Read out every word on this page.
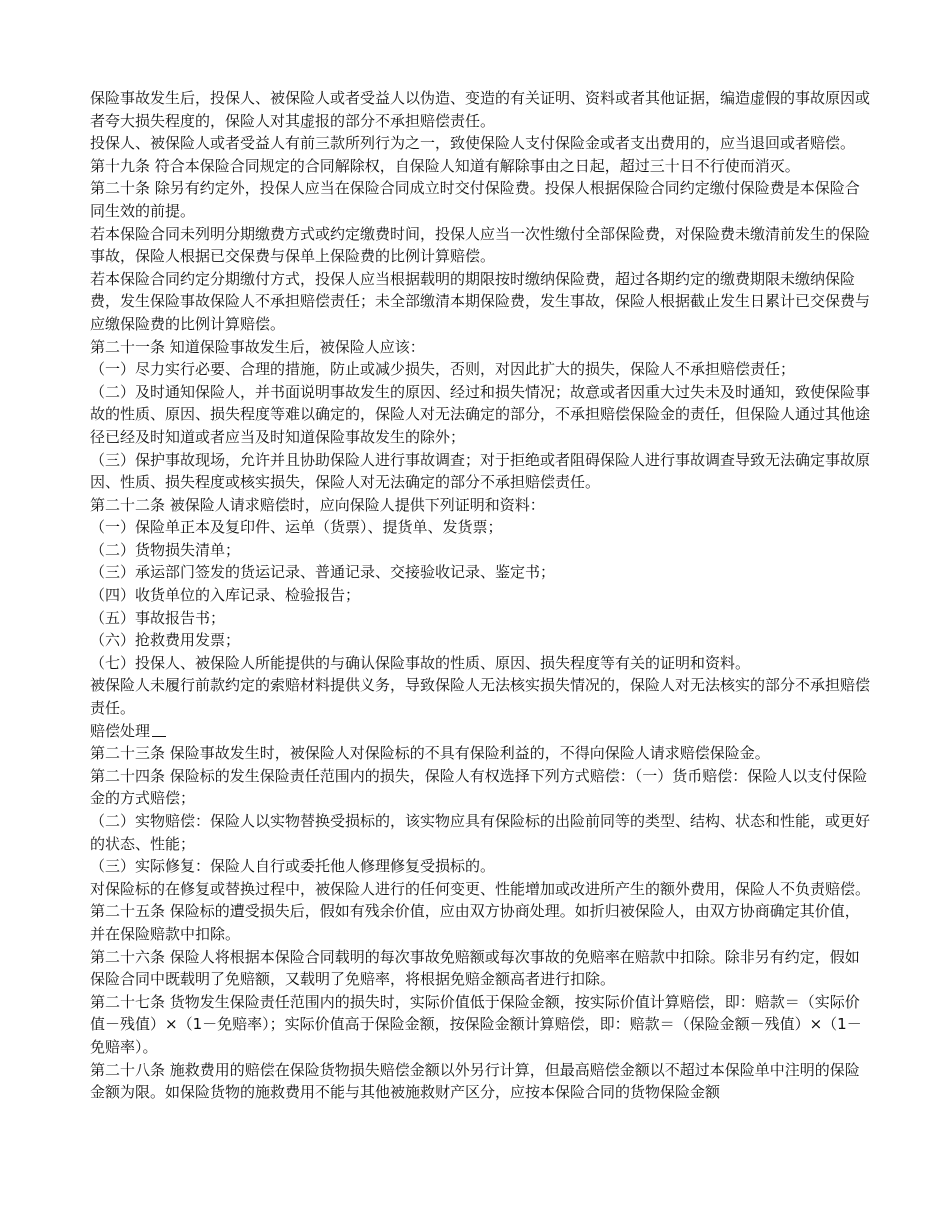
保险事故发生后，投保人、被保险人或者受益人以伪造、变造的有关证明、资料或者其他证据，编造虚假的事故原因或者夸大损失程度的，保险人对其虚报的部分不承担赔偿责任。

投保人、被保险人或者受益人有前三款所列行为之一，致使保险人支付保险金或者支出费用的，应当退回或者赔偿。

第十九条 符合本保险合同规定的合同解除权，自保险人知道有解除事由之日起，超过三十日不行使而消灭。

第二十条 除另有约定外，投保人应当在保险合同成立时交付保险费。投保人根据保险合同约定缴付保险费是本保险合同生效的前提。

若本保险合同未列明分期缴费方式或约定缴费时间，投保人应当一次性缴付全部保险费，对保险费未缴清前发生的保险事故，保险人根据已交保费与保单上保险费的比例计算赔偿。

若本保险合同约定分期缴付方式，投保人应当根据载明的期限按时缴纳保险费，超过各期约定的缴费期限未缴纳保险费，发生保险事故保险人不承担赔偿责任；未全部缴清本期保险费，发生事故，保险人根据截止发生日累计已交保费与应缴保险费的比例计算赔偿。

第二十一条 知道保险事故发生后，被保险人应该：

（一）尽力实行必要、合理的措施，防止或减少损失，否则，对因此扩大的损失，保险人不承担赔偿责任；

（二）及时通知保险人，并书面说明事故发生的原因、经过和损失情况；故意或者因重大过失未及时通知，致使保险事故的性质、原因、损失程度等难以确定的，保险人对无法确定的部分，不承担赔偿保险金的责任，但保险人通过其他途径已经及时知道或者应当及时知道保险事故发生的除外；

（三）保护事故现场，允许并且协助保险人进行事故调查；对于拒绝或者阻碍保险人进行事故调查导致无法确定事故原因、性质、损失程度或核实损失，保险人对无法确定的部分不承担赔偿责任。

第二十二条 被保险人请求赔偿时，应向保险人提供下列证明和资料：

（一）保险单正本及复印件、运单（货票）、提货单、发货票；

（二）货物损失清单；

（三）承运部门签发的货运记录、普通记录、交接验收记录、鉴定书；

（四）收货单位的入库记录、检验报告；

（五）事故报告书；

（六）抢救费用发票；

（七）投保人、被保险人所能提供的与确认保险事故的性质、原因、损失程度等有关的证明和资料。

被保险人未履行前款约定的索赔材料提供义务，导致保险人无法核实损失情况的，保险人对无法核实的部分不承担赔偿责任。

赔偿处理

第二十三条 保险事故发生时，被保险人对保险标的不具有保险利益的，不得向保险人请求赔偿保险金。

第二十四条 保险标的发生保险责任范围内的损失，保险人有权选择下列方式赔偿：（一）货币赔偿：保险人以支付保险金的方式赔偿；

（二）实物赔偿：保险人以实物替换受损标的，该实物应具有保险标的出险前同等的类型、结构、状态和性能，或更好的状态、性能；

（三）实际修复：保险人自行或委托他人修理修复受损标的。

对保险标的在修复或替换过程中，被保险人进行的任何变更、性能增加或改进所产生的额外费用，保险人不负责赔偿。

第二十五条 保险标的遭受损失后，假如有残余价值，应由双方协商处理。如折归被保险人，由双方协商确定其价值，并在保险赔款中扣除。

第二十六条 保险人将根据本保险合同载明的每次事故免赔额或每次事故的免赔率在赔款中扣除。除非另有约定，假如保险合同中既载明了免赔额，又载明了免赔率，将根据免赔金额高者进行扣除。

第二十七条 货物发生保险责任范围内的损失时，实际价值低于保险金额，按实际价值计算赔偿，即：赔款＝（实际价值－残值）×（1－免赔率）；实际价值高于保险金额，按保险金额计算赔偿，即：赔款＝（保险金额－残值）×（1－免赔率）。

第二十八条 施救费用的赔偿在保险货物损失赔偿金额以外另行计算，但最高赔偿金额以不超过本保险单中注明的保险金额为限。如保险货物的施救费用不能与其他被施救财产区分，应按本保险合同的货物保险金额
